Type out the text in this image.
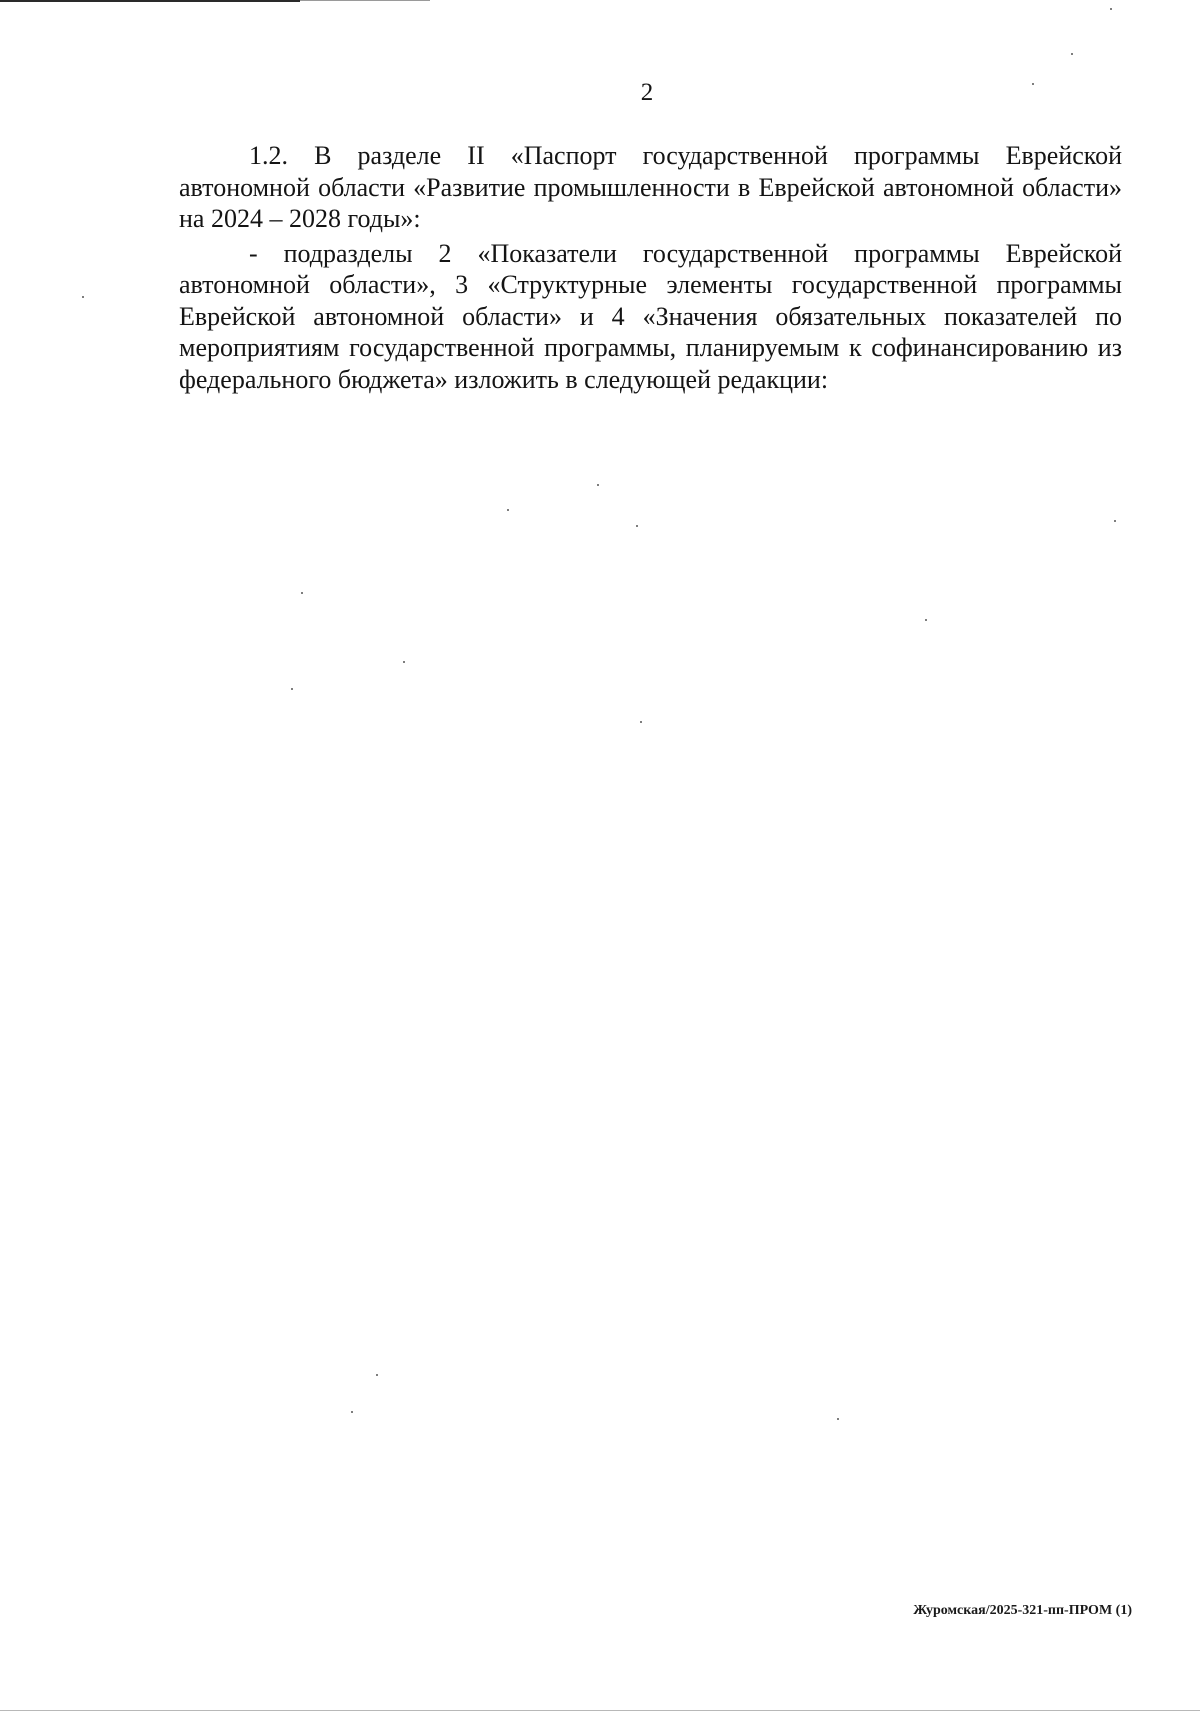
2

1.2. В разделе II «Паспорт государственной программы Еврейской автономной области «Развитие промышленности в Еврейской автономной области» на 2024 – 2028 годы»:

- подразделы 2 «Показатели государственной программы Еврейской автономной области», 3 «Структурные элементы государственной программы Еврейской автономной области» и 4 «Значения обязательных показателей по мероприятиям государственной программы, планируемым к софинансированию из федерального бюджета» изложить в следующей редакции:

Журомская/2025-321-пп-ПРОМ (1)
